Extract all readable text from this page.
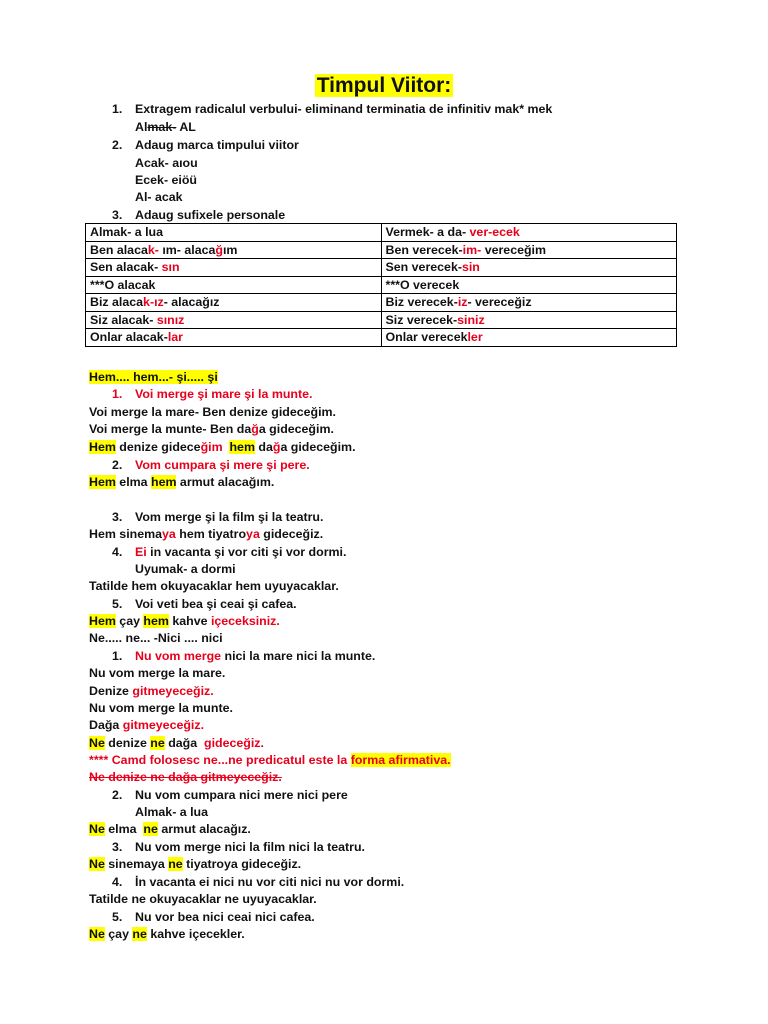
Timpul Viitor:
1. Extragem radicalul verbului- eliminand terminatia de infinitiv mak* mek
Almak- AL
2. Adaug marca timpului viitor
Acak- aıou
Ecek- eiöü
Al- acak
3. Adaug sufixele personale
Almak- a lua	Vermek- a da- ver-ecek
Ben alacak- ım- alacağım	Ben verecek-im- vereceğim
Sen alacak- sın	Sen verecek-sin
***O alacak	***O verecek
Biz alacak-ız- alacağız	Biz verecek-iz- vereceğiz
Siz alacak- sınız	Siz verecek-siniz
Onlar alacak-lar	Onlar verecekler
Hem.... hem...- şi..... şi
1. Voi merge şi mare şi la munte.
Voi merge la mare- Ben denize gideceğim.
Voi merge la munte- Ben dağa gideceğim.
Hem denize gideceğim hem dağa gideceğim.
2. Vom cumpara şi mere şi pere.
Hem elma hem armut alacağım.
3. Vom merge şi la film şi la teatru.
Hem sinemaya hem tiyatroya gideceğiz.
4. Ei in vacanta şi vor citi şi vor dormi.
Uyumak- a dormi
Tatilde hem okuyacaklar hem uyuyacaklar.
5. Voi veti bea şi ceai şi cafea.
Hem çay hem kahve içeceksiniz.
Ne..... ne... -Nici .... nici
1. Nu vom merge nici la mare nici la munte.
Nu vom merge la mare.
Denize gitmeyeceğiz.
Nu vom merge la munte.
Dağa gitmeyeceğiz.
Ne denize ne dağa  gideceğiz.
**** Camd folosesc ne...ne predicatul este la forma afirmativa.
Ne denize ne dağa gitmeyeceğiz.
2. Nu vom cumpara nici mere nici pere
Almak- a lua
Ne elma  ne armut alacağız.
3. Nu vom merge nici la film nici la teatru.
Ne sinemaya ne tiyatroya gideceğiz.
4. İn vacanta ei nici nu vor citi nici nu vor dormi.
Tatilde ne okuyacaklar ne uyuyacaklar.
5. Nu vor bea nici ceai nici cafea.
Ne çay ne kahve içecekler.
